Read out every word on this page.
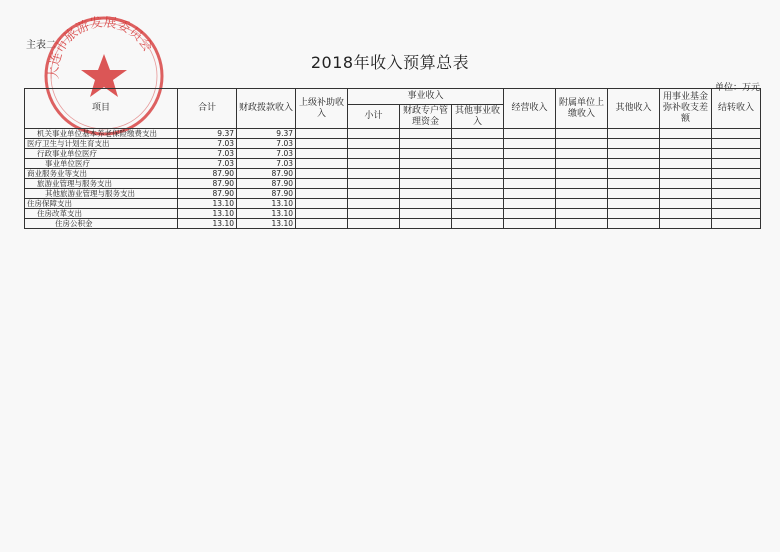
主表二
大连市旅游发展委员会
2018年收入预算总表
单位：万元
项目	合计	财政拨款收入	上级补助收入	事业收入			经营收入	附属单位上缴收入	其他收入	用事业基金弥补收支差额	结转收入
				小计	财政专户管理资金	其他事业收入					
机关事业单位基本养老保险缴费支出	9.37	9.37									
医疗卫生与计划生育支出	7.03	7.03									
行政事业单位医疗	7.03	7.03									
事业单位医疗	7.03	7.03									
商业服务业等支出	87.90	87.90									
旅游业管理与服务支出	87.90	87.90									
其他旅游业管理与服务支出	87.90	87.90									
住房保障支出	13.10	13.10									
住房改革支出	13.10	13.10									
住房公积金	13.10	13.10									
